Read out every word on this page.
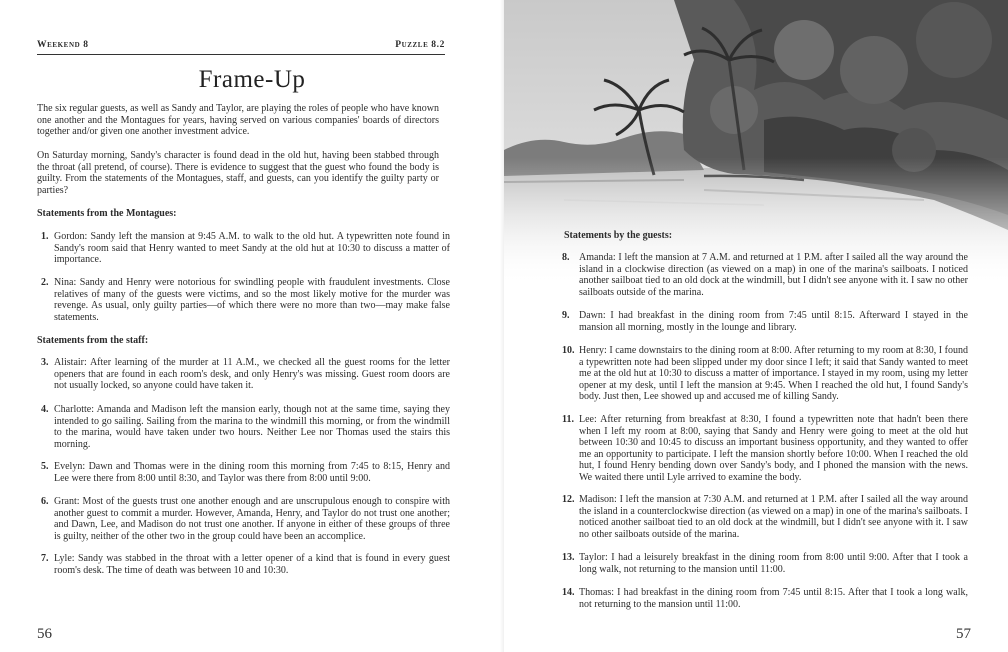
Weekend 8	Puzzle 8.2
Frame-Up
The six regular guests, as well as Sandy and Taylor, are playing the roles of people who have known one another and the Montagues for years, having served on various companies' boards of directors together and/or given one another investment advice.
On Saturday morning, Sandy's character is found dead in the old hut, having been stabbed through the throat (all pretend, of course). There is evidence to suggest that the guest who found the body is guilty. From the statements of the Montagues, staff, and guests, can you identify the guilty party or parties?
Statements from the Montagues:
1. Gordon: Sandy left the mansion at 9:45 A.M. to walk to the old hut. A typewritten note found in Sandy's room said that Henry wanted to meet Sandy at the old hut at 10:30 to discuss a matter of importance.
2. Nina: Sandy and Henry were notorious for swindling people with fraudulent investments. Close relatives of many of the guests were victims, and so the most likely motive for the murder was revenge. As usual, only guilty parties—of which there were no more than two—may make false statements.
Statements from the staff:
3. Alistair: After learning of the murder at 11 A.M., we checked all the guest rooms for the letter openers that are found in each room's desk, and only Henry's was missing. Guest room doors are not usually locked, so anyone could have taken it.
4. Charlotte: Amanda and Madison left the mansion early, though not at the same time, saying they intended to go sailing. Sailing from the marina to the windmill this morning, or from the windmill to the marina, would have taken under two hours. Neither Lee nor Thomas used the stairs this morning.
5. Evelyn: Dawn and Thomas were in the dining room this morning from 7:45 to 8:15, Henry and Lee were there from 8:00 until 8:30, and Taylor was there from 8:00 until 9:00.
6. Grant: Most of the guests trust one another enough and are unscrupulous enough to conspire with another guest to commit a murder. However, Amanda, Henry, and Taylor do not trust one another; and Dawn, Lee, and Madison do not trust one another. If anyone in either of these groups of three is guilty, neither of the other two in the group could have been an accomplice.
7. Lyle: Sandy was stabbed in the throat with a letter opener of a kind that is found in every guest room's desk. The time of death was between 10 and 10:30.
56
Statements by the guests:
8. Amanda: I left the mansion at 7 A.M. and returned at 1 P.M. after I sailed all the way around the island in a clockwise direction (as viewed on a map) in one of the marina's sailboats. I noticed another sailboat tied to an old dock at the windmill, but I didn't see anyone with it. I saw no other sailboats outside of the marina.
9. Dawn: I had breakfast in the dining room from 7:45 until 8:15. Afterward I stayed in the mansion all morning, mostly in the lounge and library.
10. Henry: I came downstairs to the dining room at 8:00. After returning to my room at 8:30, I found a typewritten note had been slipped under my door since I left; it said that Sandy wanted to meet me at the old hut at 10:30 to discuss a matter of importance. I stayed in my room, using my letter opener at my desk, until I left the mansion at 9:45. When I reached the old hut, I found Sandy's body. Just then, Lee showed up and accused me of killing Sandy.
11. Lee: After returning from breakfast at 8:30, I found a typewritten note that hadn't been there when I left my room at 8:00, saying that Sandy and Henry were going to meet at the old hut between 10:30 and 10:45 to discuss an important business opportunity, and they wanted to offer me an opportunity to participate. I left the mansion shortly before 10:00. When I reached the old hut, I found Henry bending down over Sandy's body, and I phoned the mansion with the news. We waited there until Lyle arrived to examine the body.
12. Madison: I left the mansion at 7:30 A.M. and returned at 1 P.M. after I sailed all the way around the island in a counterclockwise direction (as viewed on a map) in one of the marina's sailboats. I noticed another sailboat tied to an old dock at the windmill, but I didn't see anyone with it. I saw no other sailboats outside of the marina.
13. Taylor: I had a leisurely breakfast in the dining room from 8:00 until 9:00. After that I took a long walk, not returning to the mansion until 11:00.
14. Thomas: I had breakfast in the dining room from 7:45 until 8:15. After that I took a long walk, not returning to the mansion until 11:00.
57
